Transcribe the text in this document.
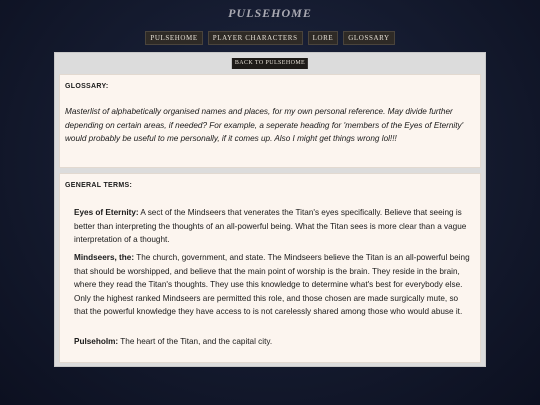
PULSEHOME
PULSEHOME	PLAYER CHARACTERS	LORE	GLOSSARY
BACK TO PULSEHOME
GLOSSARY:

Masterlist of alphabetically organised names and places, for my own personal reference. May divide further depending on certain areas, if needed? For example, a seperate heading for 'members of the Eyes of Eternity' would probably be useful to me personally, if it comes up. Also I might get things wrong lol!!!

GENERAL TERMS:

Eyes of Eternity: A sect of the Mindseers that venerates the Titan's eyes specifically. Believe that seeing is better than interpreting the thoughts of an all-powerful being. What the Titan sees is more clear than a vague interpretation of a thought.

Mindseers, the: The church, government, and state. The Mindseers believe the Titan is an all-powerful being that should be worshipped, and believe that the main point of worship is the brain. They reside in the brain, where they read the Titan's thoughts. They use this knowledge to determine what's best for everybody else. Only the highest ranked Mindseers are permitted this role, and those chosen are made surgically mute, so that the powerful knowledge they have access to is not carelessly shared among those who would abuse it.

Pulseholm: The heart of the Titan, and the capital city.
